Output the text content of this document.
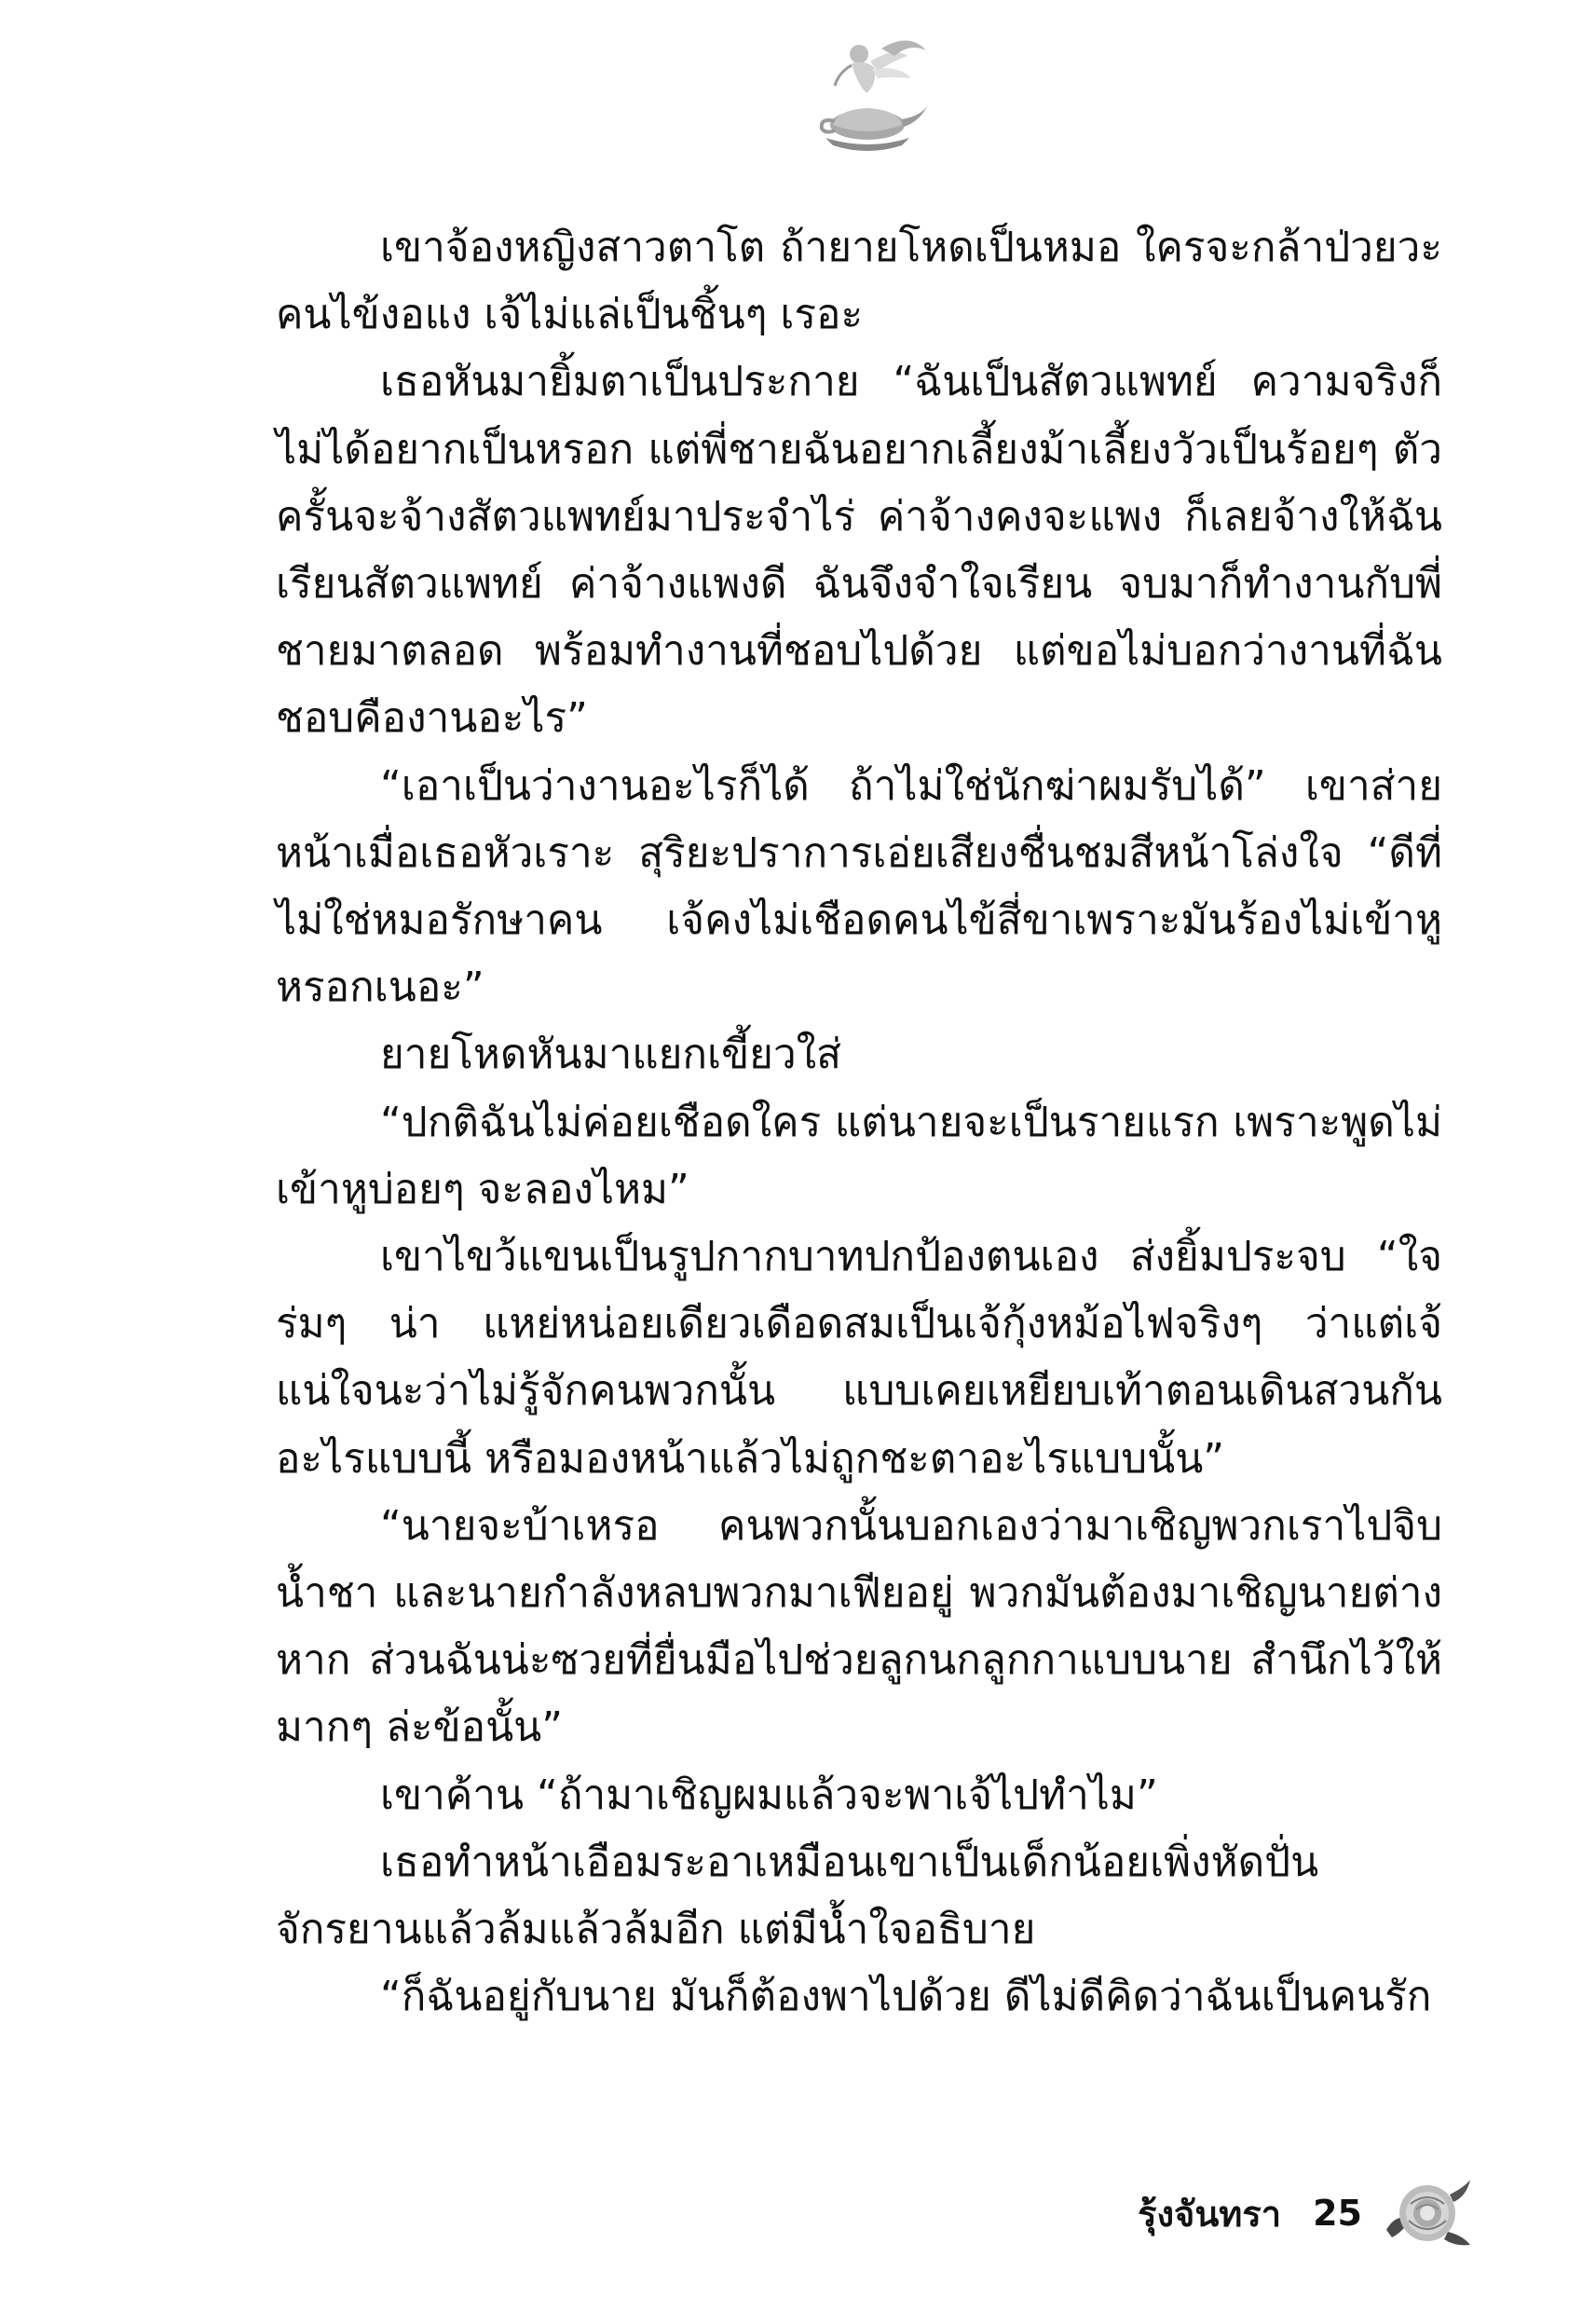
เขาจ้องหญิงสาวตาโต ถ้ายายโหดเป็นหมอ ใครจะกล้าป่วยวะ คนไข้งอแง เจ้ไม่แล่เป็นชิ้นๆ เรอะ

เธอหันมายิ้มตาเป็นประกาย “ฉันเป็นสัตวแพทย์ ความจริงก็ไม่ได้อยากเป็นหรอก แต่พี่ชายฉันอยากเลี้ยงม้าเลี้ยงวัวเป็นร้อยๆ ตัว ครั้นจะจ้างสัตวแพทย์มาประจำไร่ ค่าจ้างคงจะแพง ก็เลยจ้างให้ฉันเรียนสัตวแพทย์ ค่าจ้างแพงดี ฉันจึงจำใจเรียน จบมาก็ทำงานกับพี่ชายมาตลอด พร้อมทำงานที่ชอบไปด้วย แต่ขอไม่บอกว่างานที่ฉันชอบคืองานอะไร”

“เอาเป็นว่างานอะไรก็ได้ ถ้าไม่ใช่นักฆ่าผมรับได้” เขาส่ายหน้าเมื่อเธอหัวเราะ สุริยะปราการเอ่ยเสียงชื่นชมสีหน้าโล่งใจ “ดีที่ไม่ใช่หมอรักษาคน เจ้คงไม่เชือดคนไข้สี่ขาเพราะมันร้องไม่เข้าหูหรอกเนอะ”

ยายโหดหันมาแยกเขี้ยวใส่

“ปกติฉันไม่ค่อยเชือดใคร แต่นายจะเป็นรายแรก เพราะพูดไม่เข้าหูบ่อยๆ จะลองไหม”

เขาไขว้แขนเป็นรูปกากบาทปกป้องตนเอง ส่งยิ้มประจบ “ใจร่มๆ น่า แหย่หน่อยเดียวเดือดสมเป็นเจ้กุ้งหม้อไฟจริงๆ ว่าแต่เจ้แน่ใจนะว่าไม่รู้จักคนพวกนั้น แบบเคยเหยียบเท้าตอนเดินสวนกันอะไรแบบนี้ หรือมองหน้าแล้วไม่ถูกชะตาอะไรแบบนั้น”

“นายจะบ้าเหรอ คนพวกนั้นบอกเองว่ามาเชิญพวกเราไปจิบน้ำชา และนายกำลังหลบพวกมาเฟียอยู่ พวกมันต้องมาเชิญนายต่างหาก ส่วนฉันน่ะซวยที่ยื่นมือไปช่วยลูกนกลูกกาแบบนาย สำนึกไว้ให้มากๆ ล่ะข้อนั้น”

เขาค้าน “ถ้ามาเชิญผมแล้วจะพาเจ้ไปทำไม”

เธอทำหน้าเอือมระอาเหมือนเขาเป็นเด็กน้อยเพิ่งหัดปั่นจักรยานแล้วล้มแล้วล้มอีก แต่มีน้ำใจอธิบาย

“ก็ฉันอยู่กับนาย มันก็ต้องพาไปด้วย ดีไม่ดีคิดว่าฉันเป็นคนรัก

รุ้งจันทรา 25
